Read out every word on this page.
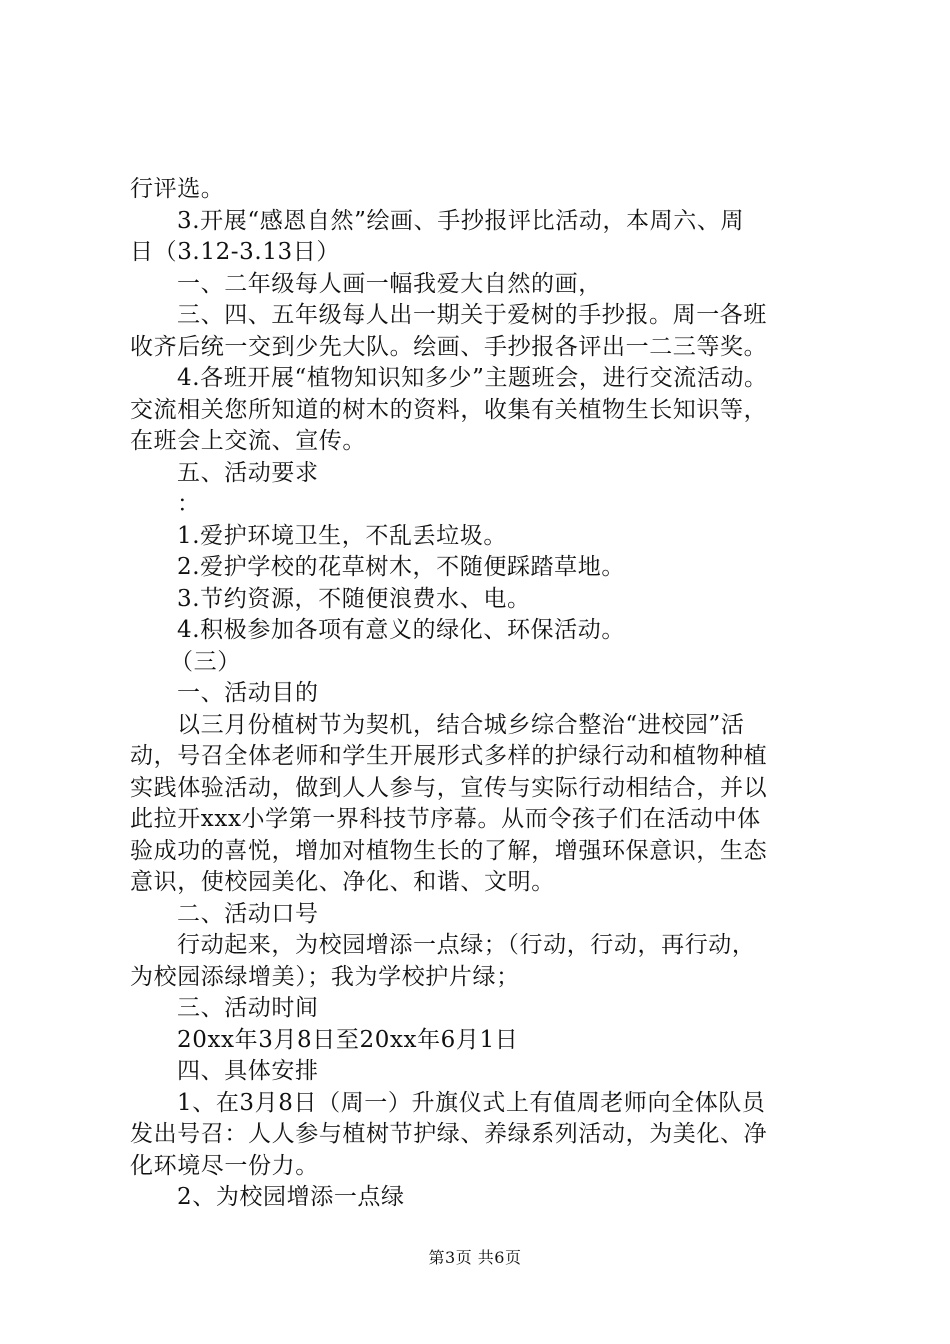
行评选。
3.开展“感恩自然”绘画、手抄报评比活动，本周六、周
日（3.12-3.13日）
一、二年级每人画一幅我爱大自然的画，
三、四、五年级每人出一期关于爱树的手抄报。周一各班
收齐后统一交到少先大队。绘画、手抄报各评出一二三等奖。
4.各班开展“植物知识知多少”主题班会，进行交流活动。
交流相关您所知道的树木的资料，收集有关植物生长知识等，
在班会上交流、宣传。
五、活动要求
：
1.爱护环境卫生，不乱丢垃圾。
2.爱护学校的花草树木，不随便踩踏草地。
3.节约资源，不随便浪费水、电。
4.积极参加各项有意义的绿化、环保活动。
（三）
一、活动目的
以三月份植树节为契机，结合城乡综合整治“进校园”活
动，号召全体老师和学生开展形式多样的护绿行动和植物种植
实践体验活动，做到人人参与，宣传与实际行动相结合，并以
此拉开xxx小学第一界科技节序幕。从而令孩子们在活动中体
验成功的喜悦，增加对植物生长的了解，增强环保意识，生态
意识，使校园美化、净化、和谐、文明。
二、活动口号
行动起来，为校园增添一点绿；（行动，行动，再行动，
为校园添绿增美）；我为学校护片绿；
三、活动时间
20xx年3月8日至20xx年6月1日
四、具体安排
1、在3月8日（周一）升旗仪式上有值周老师向全体队员
发出号召：人人参与植树节护绿、养绿系列活动，为美化、净
化环境尽一份力。
2、为校园增添一点绿
第3页 共6页
